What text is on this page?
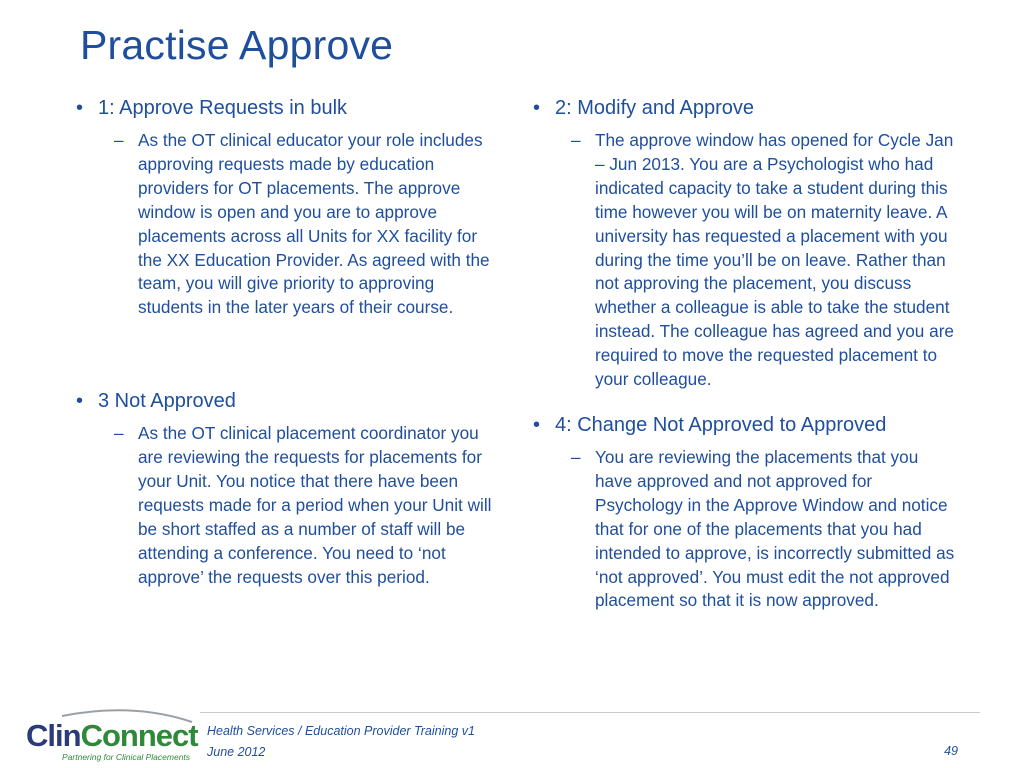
Practise Approve
• 1: Approve Requests in bulk
– As the OT clinical educator your role includes approving requests made by education providers for OT placements. The approve window is open and you are to approve placements across all Units for XX facility for the XX Education Provider. As agreed with the team, you will give priority to approving students in the later years of their course.
• 3 Not Approved
– As the OT clinical placement coordinator you are reviewing the requests for placements for your Unit. You notice that there have been requests made for a period when your Unit will be short staffed as a number of staff will be attending a conference. You need to ‘not approve’ the requests over this period.
• 2: Modify and Approve
– The approve window has opened for Cycle Jan – Jun 2013. You are a Psychologist who had indicated capacity to take a student during this time however you will be on maternity leave. A university has requested a placement with you during the time you’ll be on leave. Rather than not approving the placement, you discuss whether a colleague is able to take the student instead. The colleague has agreed and you are required to move the requested placement to your colleague.
• 4: Change Not Approved to Approved
– You are reviewing the placements that you have approved and not approved for Psychology in the Approve Window and notice that for one of the placements that you had intended to approve, is incorrectly submitted as ‘not approved’. You must edit the not approved placement so that it is now approved.
ClinConnect
Partnering for Clinical Placements
Health Services / Education Provider Training v1
June 2012	49
